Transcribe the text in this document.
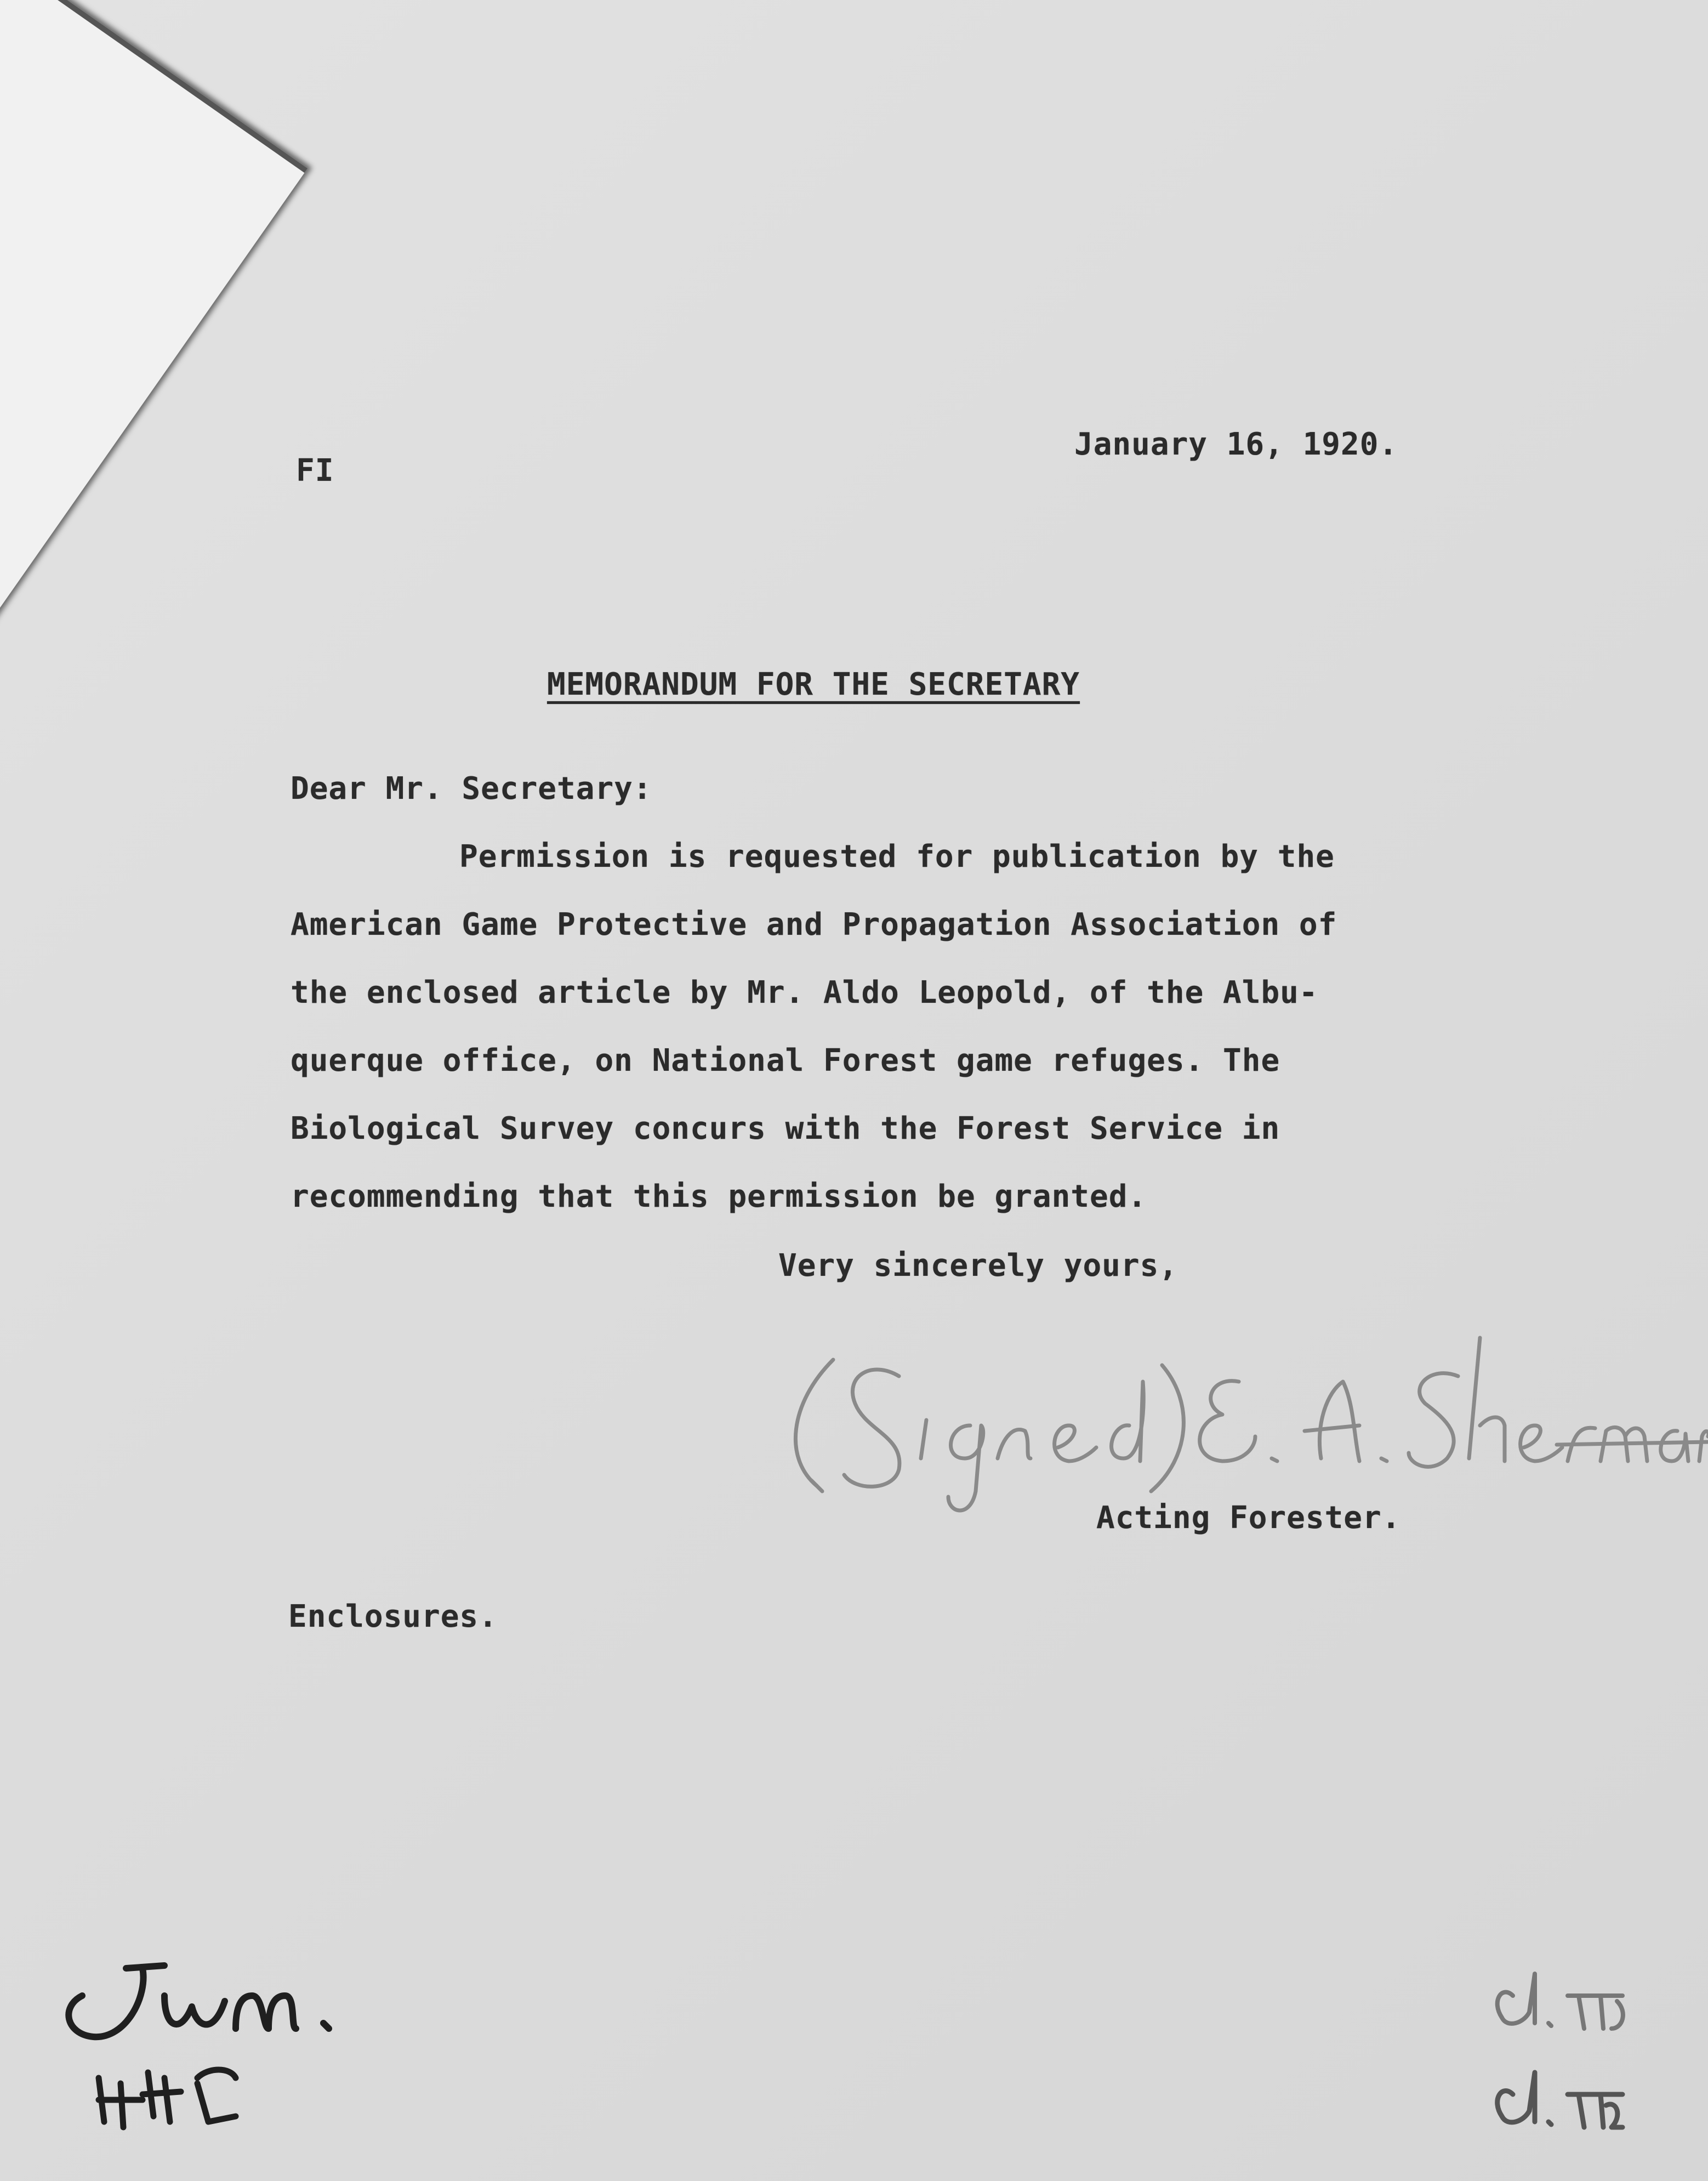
FI
January 16, 1920.
MEMORANDUM FOR THE SECRETARY
Dear Mr. Secretary:
Permission is requested for publication by the
American Game Protective and Propagation Association of
the enclosed article by Mr. Aldo Leopold, of the Albu-
querque office, on National Forest game refuges. The
Biological Survey concurs with the Forest Service in
recommending that this permission be granted.
Very sincerely yours,
Acting Forester.
Enclosures.
